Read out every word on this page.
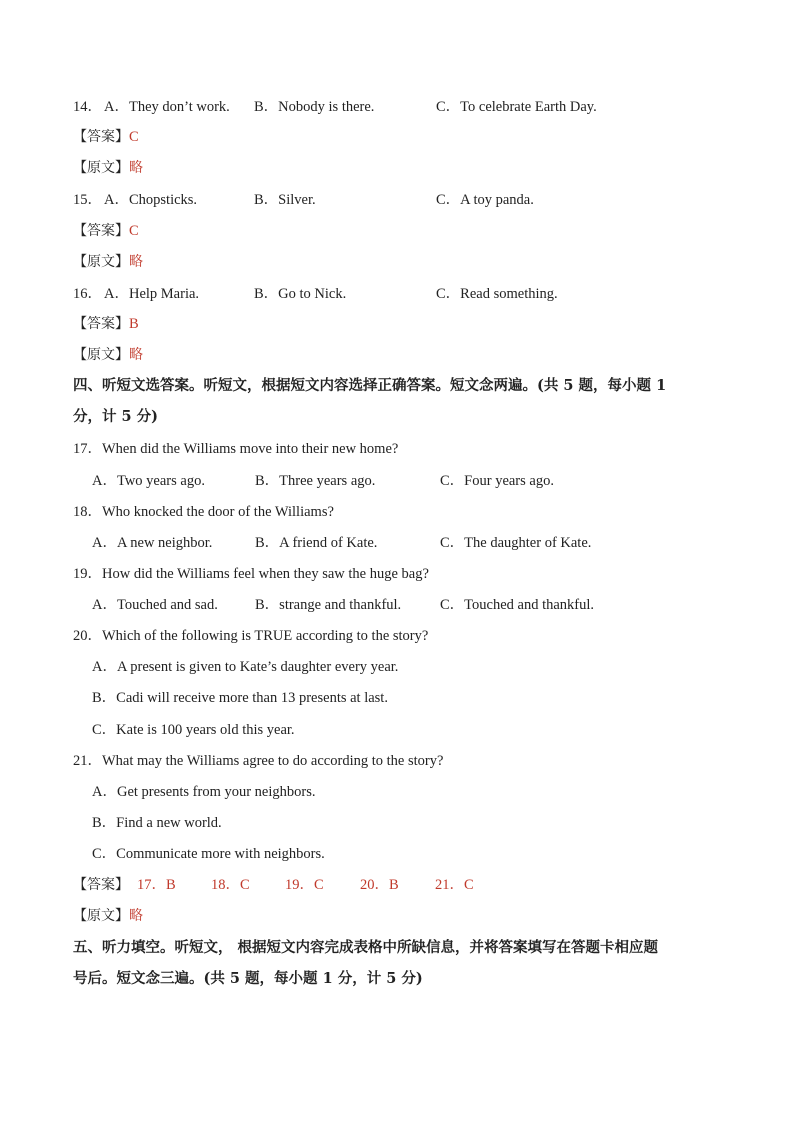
14． A．They don’t work. B．Nobody is there.	C．To celebrate Earth Day.
【答案】C
【原文】略
15． A．Chopsticks.	B．Silver.	C．A toy panda.
【答案】C
【原文】略
16． A．Help Maria.	B．Go to Nick.	C．Read something.
【答案】B
【原文】略
四、听短文选答案。听短文，根据短文内容选择正确答案。短文念两遍。(共 5 题，每小题 1
分，计 5 分)
17．When did the Williams move into their new home?
A．Two years ago.	B．Three years ago.	C．Four years ago.
18．Who knocked the door of the Williams?
A．A new neighbor.	B．A friend of Kate.	C．The daughter of Kate.
19．How did the Williams feel when they saw the huge bag?
A．Touched and sad.	B．strange and thankful.	C．Touched and thankful.
20．Which of the following is TRUE according to the story?
A．A present is given to Kate’s daughter every year.
B．Cadi will receive more than 13 presents at last.
C．Kate is 100 years old this year.
21．What may the Williams agree to do according to the story?
A．Get presents from your neighbors.
B．Find a new world.
C．Communicate more with neighbors.
【答案】 17．B 18．C 19．C	20．B	21．C
【原文】略
五、听力填空。听短文， 根据短文内容完成表格中所缺信息，并将答案填写在答题卡相应题
号后。短文念三遍。(共 5 题，每小题 1 分，计 5 分)
